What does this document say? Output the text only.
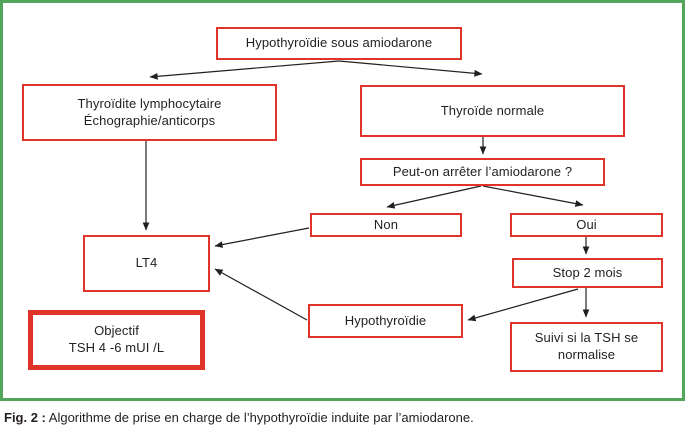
Hypothyroïdie sous amiodarone
Thyroïdite lymphocytaire
Échographie/anticorps
Thyroïde normale
Peut-on arrêter l’amiodarone ?
Non	Oui
LT4
Stop 2 mois
Hypothyroïdie
Suivi si la TSH se
normalise
Objectif
TSH 4 -6 mUI /L
Fig. 2 : Algorithme de prise en charge de l’hypothyroïdie induite par l’amiodarone.
